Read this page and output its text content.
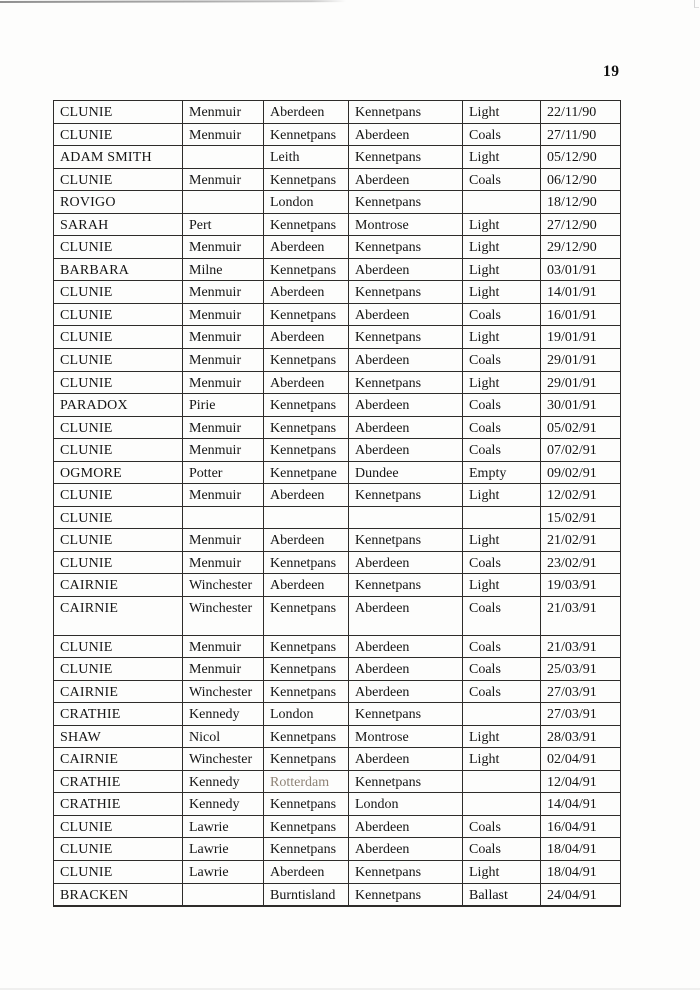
19
CLUNIE	Menmuir	Aberdeen	Kennetpans	Light	22/11/90
CLUNIE	Menmuir	Kennetpans	Aberdeen	Coals	27/11/90
ADAM SMITH		Leith	Kennetpans	Light	05/12/90
CLUNIE	Menmuir	Kennetpans	Aberdeen	Coals	06/12/90
ROVIGO		London	Kennetpans		18/12/90
SARAH	Pert	Kennetpans	Montrose	Light	27/12/90
CLUNIE	Menmuir	Aberdeen	Kennetpans	Light	29/12/90
BARBARA	Milne	Kennetpans	Aberdeen	Light	03/01/91
CLUNIE	Menmuir	Aberdeen	Kennetpans	Light	14/01/91
CLUNIE	Menmuir	Kennetpans	Aberdeen	Coals	16/01/91
CLUNIE	Menmuir	Aberdeen	Kennetpans	Light	19/01/91
CLUNIE	Menmuir	Kennetpans	Aberdeen	Coals	29/01/91
CLUNIE	Menmuir	Aberdeen	Kennetpans	Light	29/01/91
PARADOX	Pirie	Kennetpans	Aberdeen	Coals	30/01/91
CLUNIE	Menmuir	Kennetpans	Aberdeen	Coals	05/02/91
CLUNIE	Menmuir	Kennetpans	Aberdeen	Coals	07/02/91
OGMORE	Potter	Kennetpane	Dundee	Empty	09/02/91
CLUNIE	Menmuir	Aberdeen	Kennetpans	Light	12/02/91
CLUNIE					15/02/91
CLUNIE	Menmuir	Aberdeen	Kennetpans	Light	21/02/91
CLUNIE	Menmuir	Kennetpans	Aberdeen	Coals	23/02/91
CAIRNIE	Winchester	Aberdeen	Kennetpans	Light	19/03/91
CAIRNIE	Winchester	Kennetpans	Aberdeen	Coals	21/03/91
CLUNIE	Menmuir	Kennetpans	Aberdeen	Coals	21/03/91
CLUNIE	Menmuir	Kennetpans	Aberdeen	Coals	25/03/91
CAIRNIE	Winchester	Kennetpans	Aberdeen	Coals	27/03/91
CRATHIE	Kennedy	London	Kennetpans		27/03/91
SHAW	Nicol	Kennetpans	Montrose	Light	28/03/91
CAIRNIE	Winchester	Kennetpans	Aberdeen	Light	02/04/91
CRATHIE	Kennedy	Rotterdam	Kennetpans		12/04/91
CRATHIE	Kennedy	Kennetpans	London		14/04/91
CLUNIE	Lawrie	Kennetpans	Aberdeen	Coals	16/04/91
CLUNIE	Lawrie	Kennetpans	Aberdeen	Coals	18/04/91
CLUNIE	Lawrie	Aberdeen	Kennetpans	Light	18/04/91
BRACKEN		Burntisland	Kennetpans	Ballast	24/04/91
